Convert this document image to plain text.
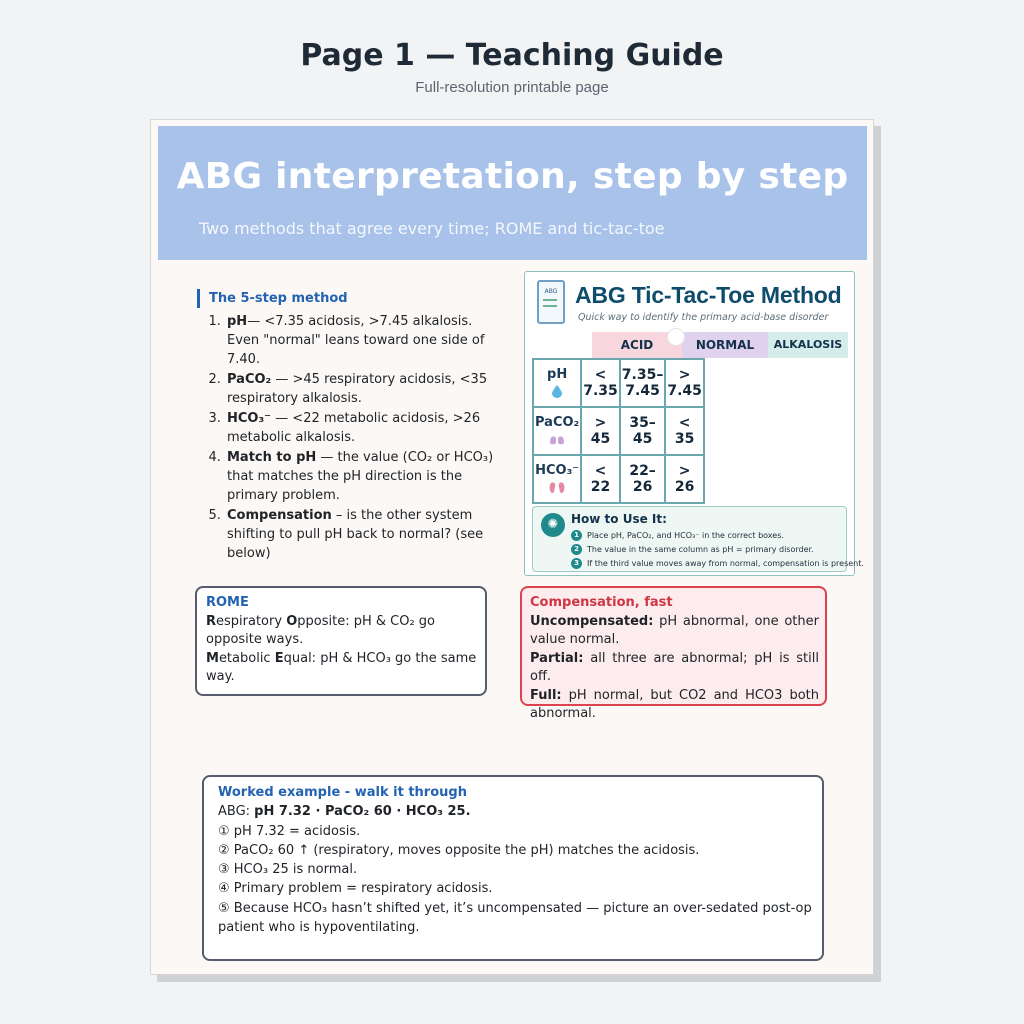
Page 1 — Teaching Guide
Full-resolution printable page
ABG interpretation, step by step
Two methods that agree every time; ROME and tic-tac-toe
The 5-step method
1. pH— <7.35 acidosis, >7.45 alkalosis. Even "normal" leans toward one side of 7.40.
2. PaCO₂ — >45 respiratory acidosis, <35 respiratory alkalosis.
3. HCO₃⁻ — <22 metabolic acidosis, >26 metabolic alkalosis.
4. Match to pH — the value (CO₂ or HCO₃) that matches the pH direction is the primary problem.
5. Compensation – is the other system shifting to pull pH back to normal? (see below)
ABG ABG Tic-Tac-Toe Method
Quick way to identify the primary acid-base disorder
ACID	NORMAL	ALKALOSIS
pH	< 7.35	7.35–7.45	> 7.45
PaCO₂	> 45	35–45	< 35
HCO₃⁻	< 22	22–26	> 26
✺	How to Use It:
1 Place pH, PaCO₂, and HCO₃⁻ in the correct boxes.
2 The value in the same column as pH = primary disorder.
3 If the third value moves away from normal, compensation is present.
ROME
Respiratory Opposite: pH & CO₂ go opposite ways.
Metabolic Equal: pH & HCO₃ go the same way.
Compensation, fast
Uncompensated: pH abnormal, one other value normal.
Partial: all three are abnormal; pH is still off.
Full: pH normal, but CO2 and HCO3 both abnormal.
Worked example - walk it through
ABG: pH 7.32 · PaCO₂ 60 · HCO₃ 25.
① pH 7.32 = acidosis.
② PaCO₂ 60 ↑ (respiratory, moves opposite the pH) matches the acidosis.
③ HCO₃ 25 is normal.
④ Primary problem = respiratory acidosis.
⑤ Because HCO₃ hasn’t shifted yet, it’s uncompensated — picture an over-sedated post-op patient who is hypoventilating.
